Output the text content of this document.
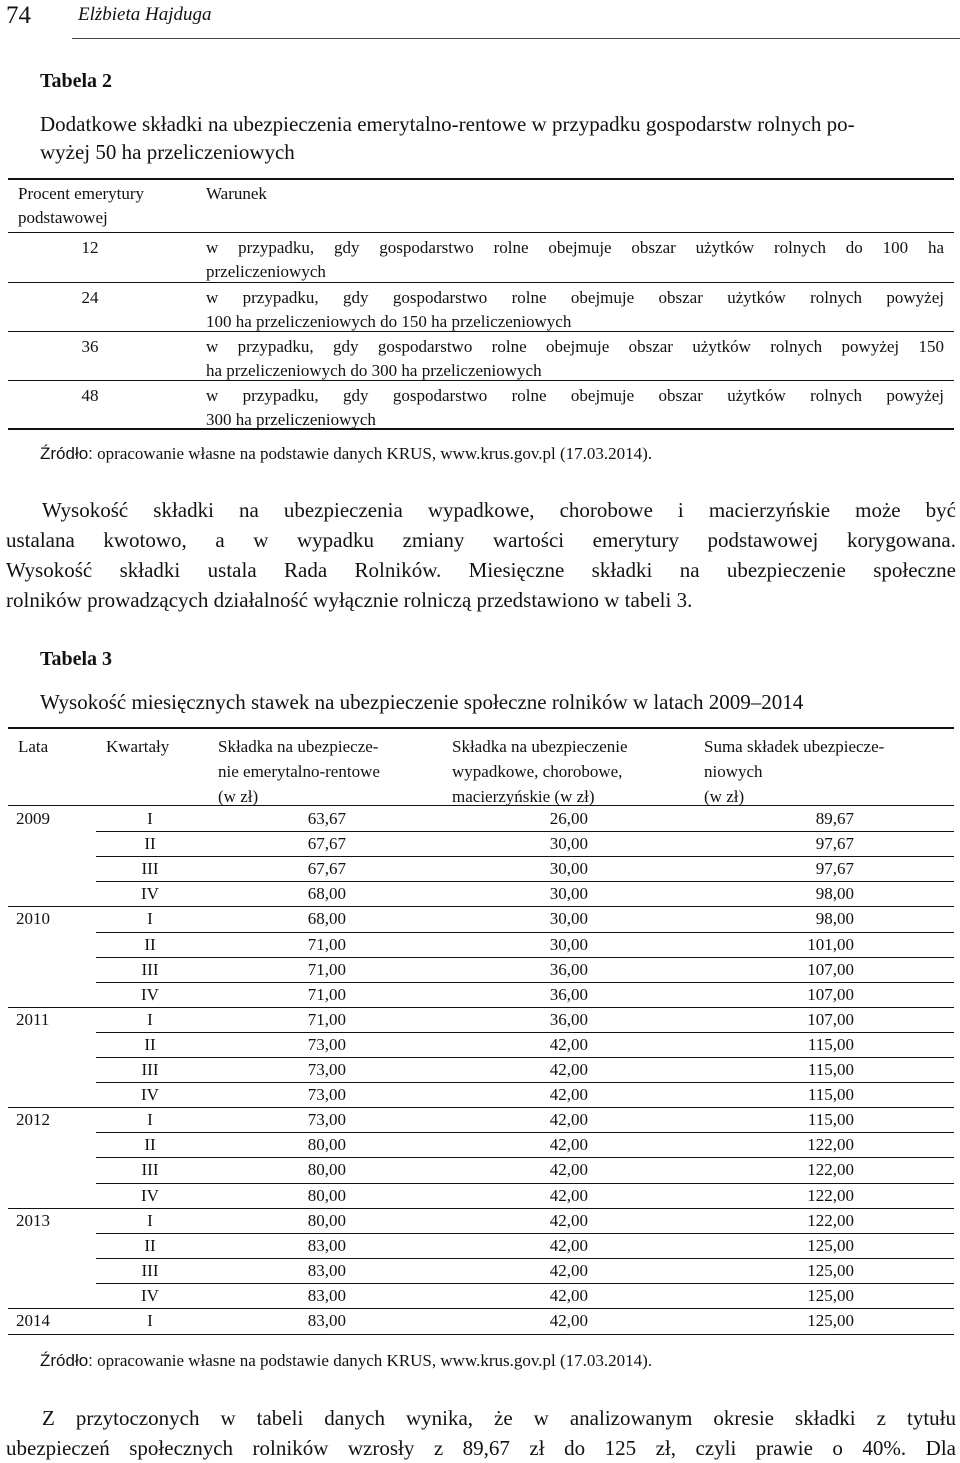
74 Elżbieta Hajduga
Tabela 2
Dodatkowe składki na ubezpieczenia emerytalno-rentowe w przypadku gospodarstw rolnych po-
wyżej 50 ha przeliczeniowych
Procent emerytury
podstawowej
Warunek
12	w przypadku, gdy gospodarstwo rolne obejmuje obszar użytków rolnych do 100 ha
przeliczeniowych
24	w przypadku, gdy gospodarstwo rolne obejmuje obszar użytków rolnych powyżej
100 ha przeliczeniowych do 150 ha przeliczeniowych
36	w przypadku, gdy gospodarstwo rolne obejmuje obszar użytków rolnych powyżej 150
ha przeliczeniowych do 300 ha przeliczeniowych
48	w przypadku, gdy gospodarstwo rolne obejmuje obszar użytków rolnych powyżej
300 ha przeliczeniowych
Źródło: opracowanie własne na podstawie danych KRUS, www.krus.gov.pl (17.03.2014).
Wysokość składki na ubezpieczenia wypadkowe, chorobowe i macierzyńskie może być
ustalana kwotowo, a w wypadku zmiany wartości emerytury podstawowej korygowana.
Wysokość składki ustala Rada Rolników. Miesięczne składki na ubezpieczenie społeczne
rolników prowadzących działalność wyłącznie rolniczą przedstawiono w tabeli 3.
Tabela 3
Wysokość miesięcznych stawek na ubezpieczenie społeczne rolników w latach 2009–2014
Lata	Kwartały	Składka na ubezpiecze-
nie emerytalno-rentowe
(w zł)
Składka na ubezpieczenie
wypadkowe, chorobowe,
macierzyńskie (w zł)
Suma składek ubezpiecze-
niowych
(w zł)
2009	I	63,67	26,00	89,67
II	67,67	30,00	97,67
III	67,67	30,00	97,67
IV	68,00	30,00	98,00
2010	I	68,00	30,00	98,00
II	71,00	30,00	101,00
III	71,00	36,00	107,00
IV	71,00	36,00	107,00
2011	I	71,00	36,00	107,00
II	73,00	42,00	115,00
III	73,00	42,00	115,00
IV	73,00	42,00	115,00
2012	I	73,00	42,00	115,00
II	80,00	42,00	122,00
III	80,00	42,00	122,00
IV	80,00	42,00	122,00
2013	I	80,00	42,00	122,00
II	83,00	42,00	125,00
III	83,00	42,00	125,00
IV	83,00	42,00	125,00
2014	I	83,00	42,00	125,00
Źródło: opracowanie własne na podstawie danych KRUS, www.krus.gov.pl (17.03.2014).
Z przytoczonych w tabeli danych wynika, że w analizowanym okresie składki z tytułu
ubezpieczeń społecznych rolników wzrosły z 89,67 zł do 125 zł, czyli prawie o 40%. Dla
